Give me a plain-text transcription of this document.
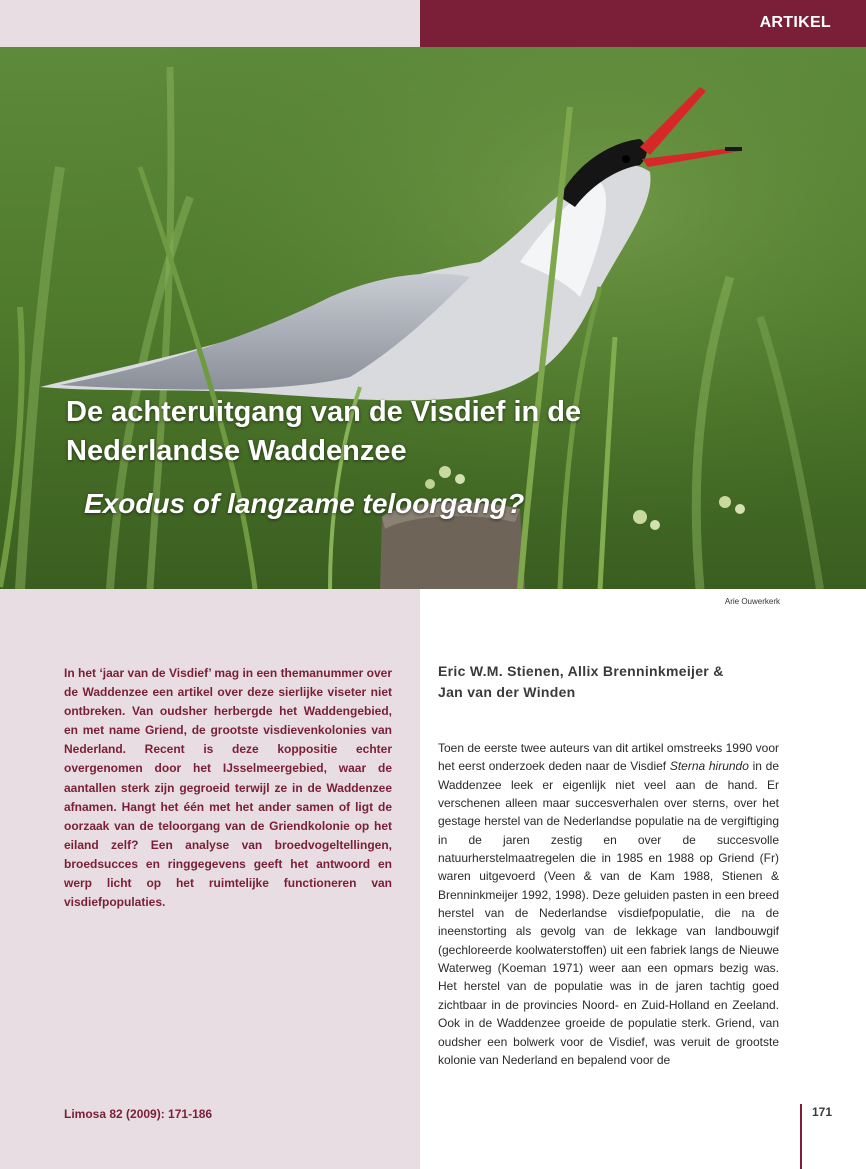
ARTIKEL
De achteruitgang van de Visdief in de
Nederlandse Waddenzee
Exodus of langzame teloorgang?
Arie Ouwerkerk

In het ‘jaar van de Visdief’ mag in een themanummer over de Waddenzee een artikel over deze sierlijke viseter niet ontbreken. Van oudsher herbergde het Waddengebied, en met name Griend, de grootste visdievenkolonies van Nederland. Recent is deze koppositie echter overgenomen door het IJsselmeergebied, waar de aantallen sterk zijn gegroeid terwijl ze in de Waddenzee afnamen. Hangt het één met het ander samen of ligt de oorzaak van de teloorgang van de Griendkolonie op het eiland zelf? Een analyse van broedvogeltellingen, broedsucces en ringgegevens geeft het antwoord en werp licht op het ruimtelijke functioneren van visdiefpopulaties.

Eric W.M. Stienen, Allix Brenninkmeijer &
Jan van der Winden

Toen de eerste twee auteurs van dit artikel omstreeks 1990 voor het eerst onderzoek deden naar de Visdief Sterna hirundo in de Waddenzee leek er eigenlijk niet veel aan de hand. Er verschenen alleen maar succesverhalen over sterns, over het gestage herstel van de Nederlandse populatie na de vergiftiging in de jaren zestig en over de succesvolle natuurherstelmaatregelen die in 1985 en 1988 op Griend (Fr) waren uitgevoerd (Veen & van de Kam 1988, Stienen & Brenninkmeijer 1992, 1998). Deze geluiden pasten in een breed herstel van de Nederlandse visdiefpopulatie, die na de ineenstorting als gevolg van de lekkage van landbouwgif (gechloreerde koolwaterstoffen) uit een fabriek langs de Nieuwe Waterweg (Koeman 1971) weer aan een opmars bezig was. Het herstel van de populatie was in de jaren tachtig goed zichtbaar in de provincies Noord- en Zuid-Holland en Zeeland. Ook in de Waddenzee groeide de populatie sterk. Griend, van oudsher een bolwerk voor de Visdief, was veruit de grootste kolonie van Nederland en bepalend voor de

Limosa 82 (2009): 171-186	171
